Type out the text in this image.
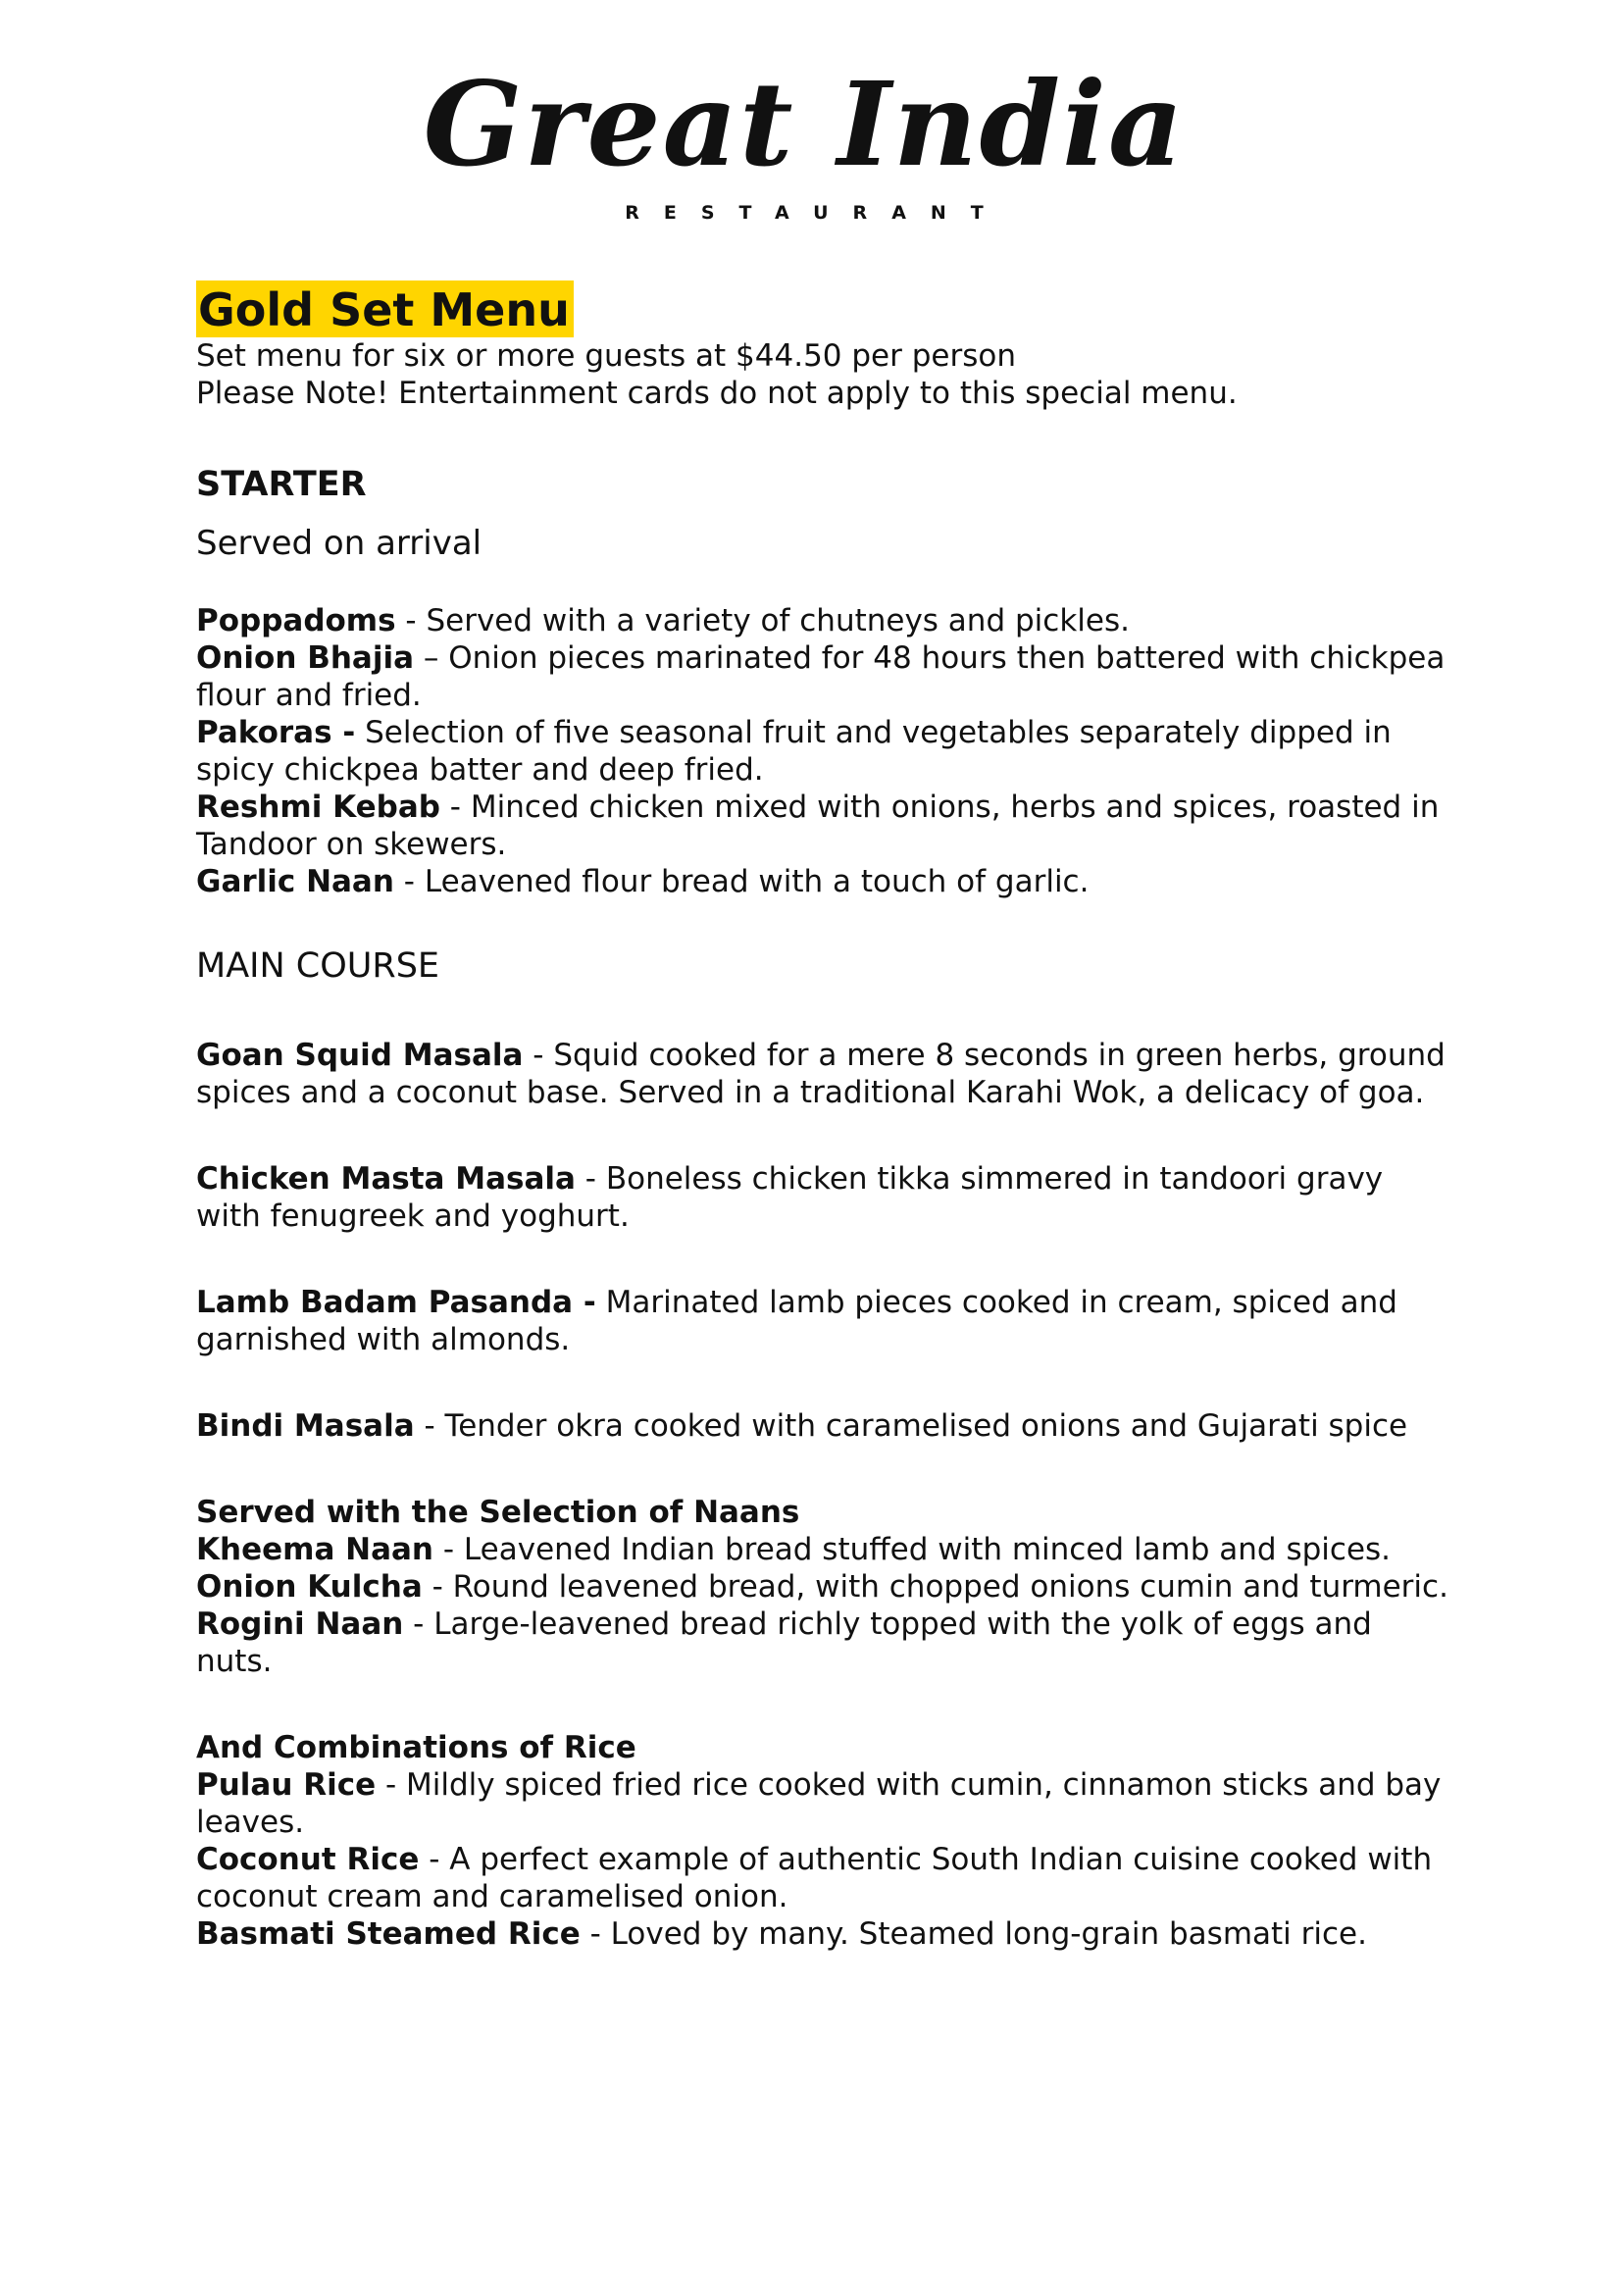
Great India
RESTAURANT
Gold Set Menu

Set menu for six or more guests at $44.50 per person

Please Note! Entertainment cards do not apply to this special menu.

STARTER
Served on arrival

Poppadoms - Served with a variety of chutneys and pickles.

Onion Bhajia – Onion pieces marinated for 48 hours then battered with chickpea flour and fried.

Pakoras - Selection of five seasonal fruit and vegetables separately dipped in spicy chickpea batter and deep fried.

Reshmi Kebab - Minced chicken mixed with onions, herbs and spices, roasted in Tandoor on skewers.

Garlic Naan - Leavened flour bread with a touch of garlic.

MAIN COURSE

Goan Squid Masala - Squid cooked for a mere 8 seconds in green herbs, ground spices and a coconut base. Served in a traditional Karahi Wok, a delicacy of goa.

Chicken Masta Masala - Boneless chicken tikka simmered in tandoori gravy with fenugreek and yoghurt.

Lamb Badam Pasanda - Marinated lamb pieces cooked in cream, spiced and garnished with almonds.

Bindi Masala - Tender okra cooked with caramelised onions and Gujarati spice

Served with the Selection of Naans

Kheema Naan - Leavened Indian bread stuffed with minced lamb and spices.

Onion Kulcha - Round leavened bread, with chopped onions cumin and turmeric.

Rogini Naan - Large-leavened bread richly topped with the yolk of eggs and nuts.

And Combinations of Rice

Pulau Rice - Mildly spiced fried rice cooked with cumin, cinnamon sticks and bay leaves.

Coconut Rice - A perfect example of authentic South Indian cuisine cooked with coconut cream and caramelised onion.

Basmati Steamed Rice - Loved by many. Steamed long-grain basmati rice.
